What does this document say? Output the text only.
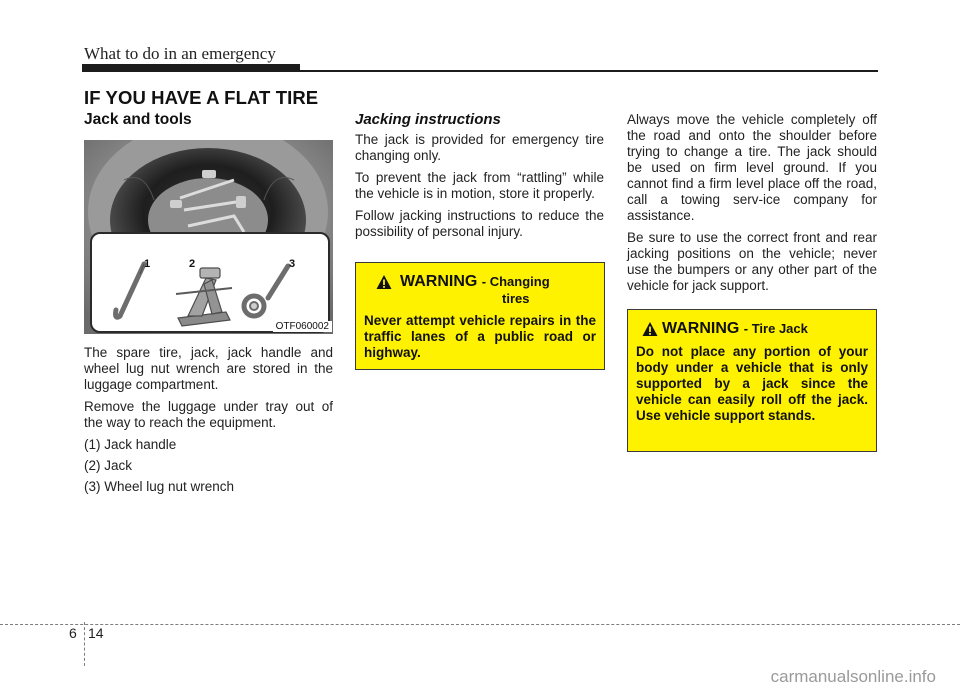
What to do in an emergency
IF YOU HAVE A FLAT TIRE
Jack and tools
1	2	3
OTF060002

The spare tire, jack, jack handle and wheel lug nut wrench are stored in the luggage compartment.

Remove the luggage under tray out of the way to reach the equipment.

(1) Jack handle
(2) Jack
(3) Wheel lug nut wrench
Jacking instructions

The jack is provided for emergency tire changing only.

To prevent the jack from “rattling” while the vehicle is in motion, store it properly.

Follow jacking instructions to reduce the possibility of personal injury.

WARNING - Changing
tires
Never attempt vehicle repairs in the traffic lanes of a public road or highway.

Always move the vehicle completely off the road and onto the shoulder before trying to change a tire. The jack should be used on firm level ground. If you cannot find a firm level place off the road, call a towing serv-ice company for assistance.

Be sure to use the correct front and rear jacking positions on the vehicle; never use the bumpers or any other part of the vehicle for jack support.

WARNING - Tire Jack
Do not place any portion of your body under a vehicle that is only supported by a jack since the vehicle can easily roll off the jack. Use vehicle support stands.
6 14
carmanualsonline.info
